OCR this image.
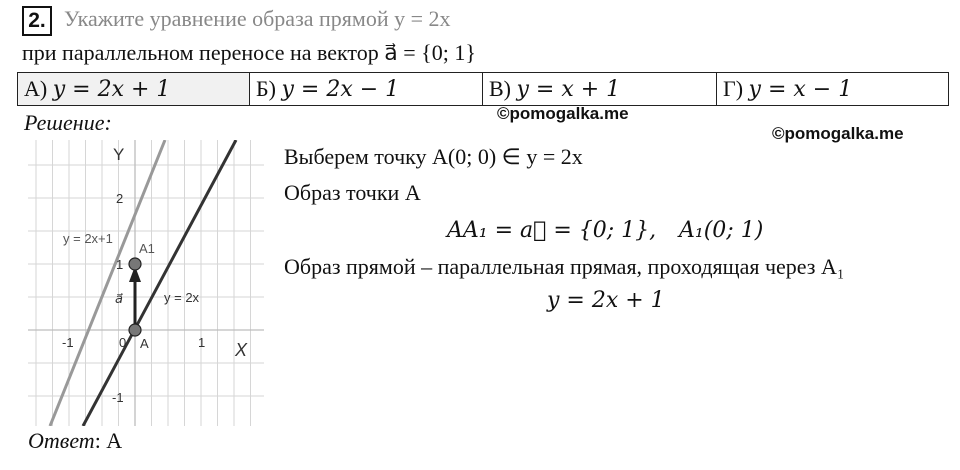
2. Укажите уравнение образа прямой y = 2x
при параллельном переносе на вектор a⃗ = {0; 1}
А) y = 2x + 1	Б) y = 2x − 1	В) y = x + 1	Г) y = x − 1
©pomogalka.me
©pomogalka.me
Решение:
Y
X
2
1
-1
-1	0	1
A
A1
y = 2x+1
y = 2x
a⃗
Выберем точку A(0; 0) ∈ y = 2x
Образ точки A
AA₁ = a⃗ = {0; 1}, A₁(0; 1)
Образ прямой – параллельная прямая, проходящая через A₁
y = 2x + 1
Ответ: А
